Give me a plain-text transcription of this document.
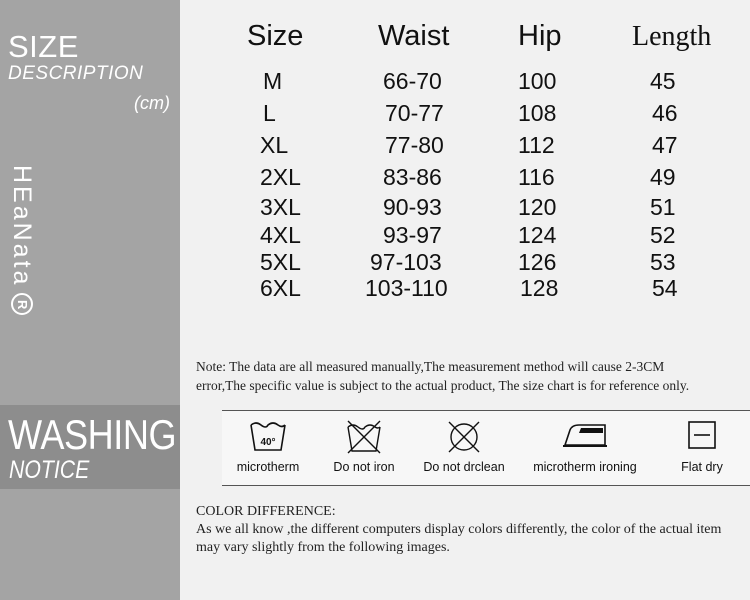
SIZE
DESCRIPTION
(cm)
HEaNataR
WASHING
NOTICE
Size	Waist Hip	Length
M	66-70	100	45
L	70-77	108	46
XL	77-80	112	47
2XL	83-86	116	49
3XL	90-93	120	51
4XL	93-97	124	52
5XL	97-103	126	53
6XL	103-110	128	54
Note: The data are all measured manually,The measurement method will cause 2-3CM
error,The specific value is subject to the actual product, The size chart is for reference only.
40°
microtherm	Do not iron	Do not drclean	microtherm ironing	Flat dry
COLOR DIFFERENCE:
As we all know ,the different computers display colors differently, the color of the actual item
may vary slightly from the following images.
